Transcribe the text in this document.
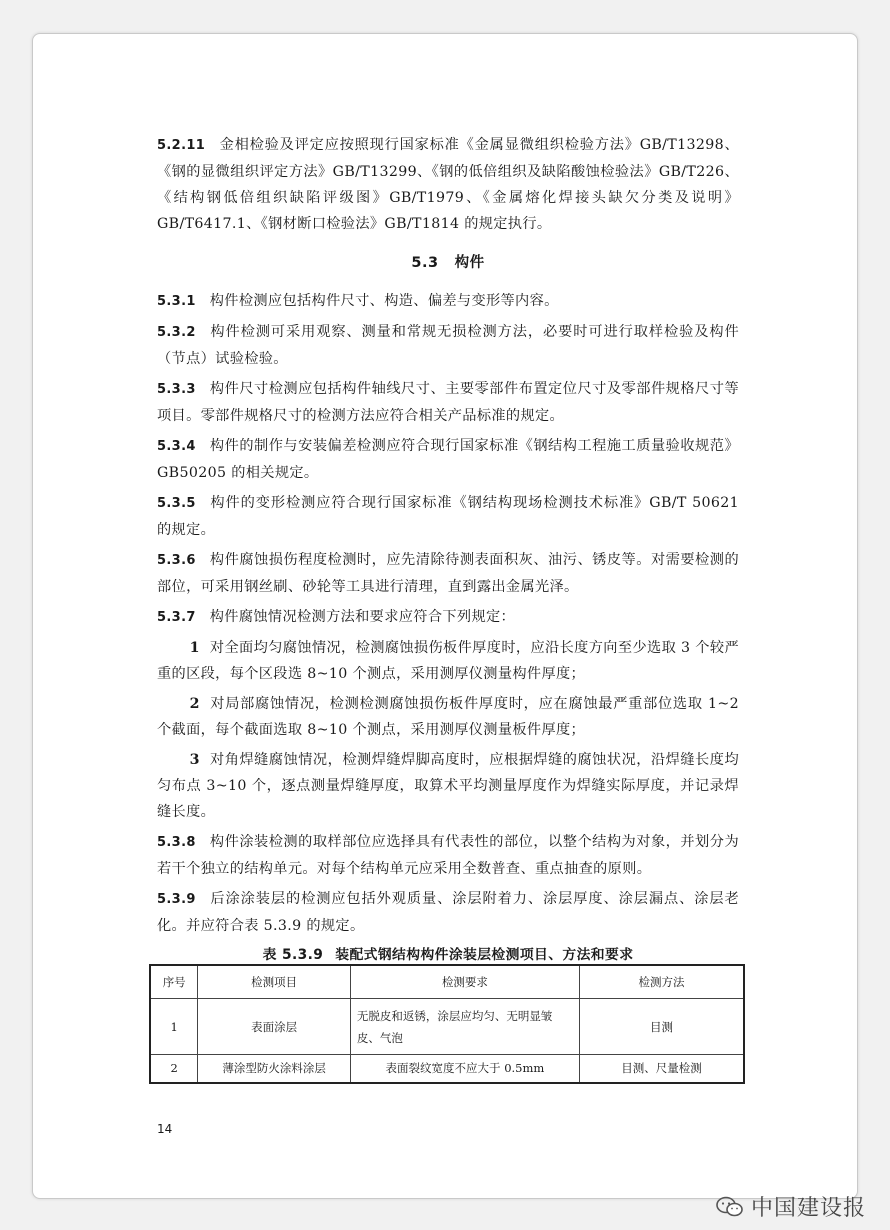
5.2.11 金相检验及评定应按照现行国家标准《金属显微组织检验方法》GB/T13298、《钢的显微组织评定方法》GB/T13299、《钢的低倍组织及缺陷酸蚀检验法》GB/T226、《结构钢低倍组织缺陷评级图》GB/T1979、《金属熔化焊接头缺欠分类及说明》GB/T6417.1、《钢材断口检验法》GB/T1814 的规定执行。

5.3 构件

5.3.1 构件检测应包括构件尺寸、构造、偏差与变形等内容。

5.3.2 构件检测可采用观察、测量和常规无损检测方法，必要时可进行取样检验及构件（节点）试验检验。

5.3.3 构件尺寸检测应包括构件轴线尺寸、主要零部件布置定位尺寸及零部件规格尺寸等项目。零部件规格尺寸的检测方法应符合相关产品标准的规定。

5.3.4 构件的制作与安装偏差检测应符合现行国家标准《钢结构工程施工质量验收规范》GB50205 的相关规定。

5.3.5 构件的变形检测应符合现行国家标准《钢结构现场检测技术标准》GB/T 50621 的规定。

5.3.6 构件腐蚀损伤程度检测时，应先清除待测表面积灰、油污、锈皮等。对需要检测的部位，可采用钢丝刷、砂轮等工具进行清理，直到露出金属光泽。

5.3.7 构件腐蚀情况检测方法和要求应符合下列规定：

1 对全面均匀腐蚀情况，检测腐蚀损伤板件厚度时，应沿长度方向至少选取 3 个较严重的区段，每个区段选 8~10 个测点，采用测厚仪测量构件厚度；

2 对局部腐蚀情况，检测检测腐蚀损伤板件厚度时，应在腐蚀最严重部位选取 1~2 个截面，每个截面选取 8~10 个测点，采用测厚仪测量板件厚度；

3 对角焊缝腐蚀情况，检测焊缝焊脚高度时，应根据焊缝的腐蚀状况，沿焊缝长度均匀布点 3~10 个，逐点测量焊缝厚度，取算术平均测量厚度作为焊缝实际厚度，并记录焊缝长度。

5.3.8 构件涂装检测的取样部位应选择具有代表性的部位，以整个结构为对象，并划分为若干个独立的结构单元。对每个结构单元应采用全数普查、重点抽查的原则。

5.3.9 后涂涂装层的检测应包括外观质量、涂层附着力、涂层厚度、涂层漏点、涂层老化。并应符合表 5.3.9 的规定。

表 5.3.9 装配式钢结构构件涂装层检测项目、方法和要求
序号	检测项目	检测要求	检测方法
1	表面涂层	无脱皮和返锈，涂层应均匀、无明显皱皮、气泡	目测
2	薄涂型防火涂料涂层	表面裂纹宽度不应大于 0.5mm	目测、尺量检测
14
中国建设报
